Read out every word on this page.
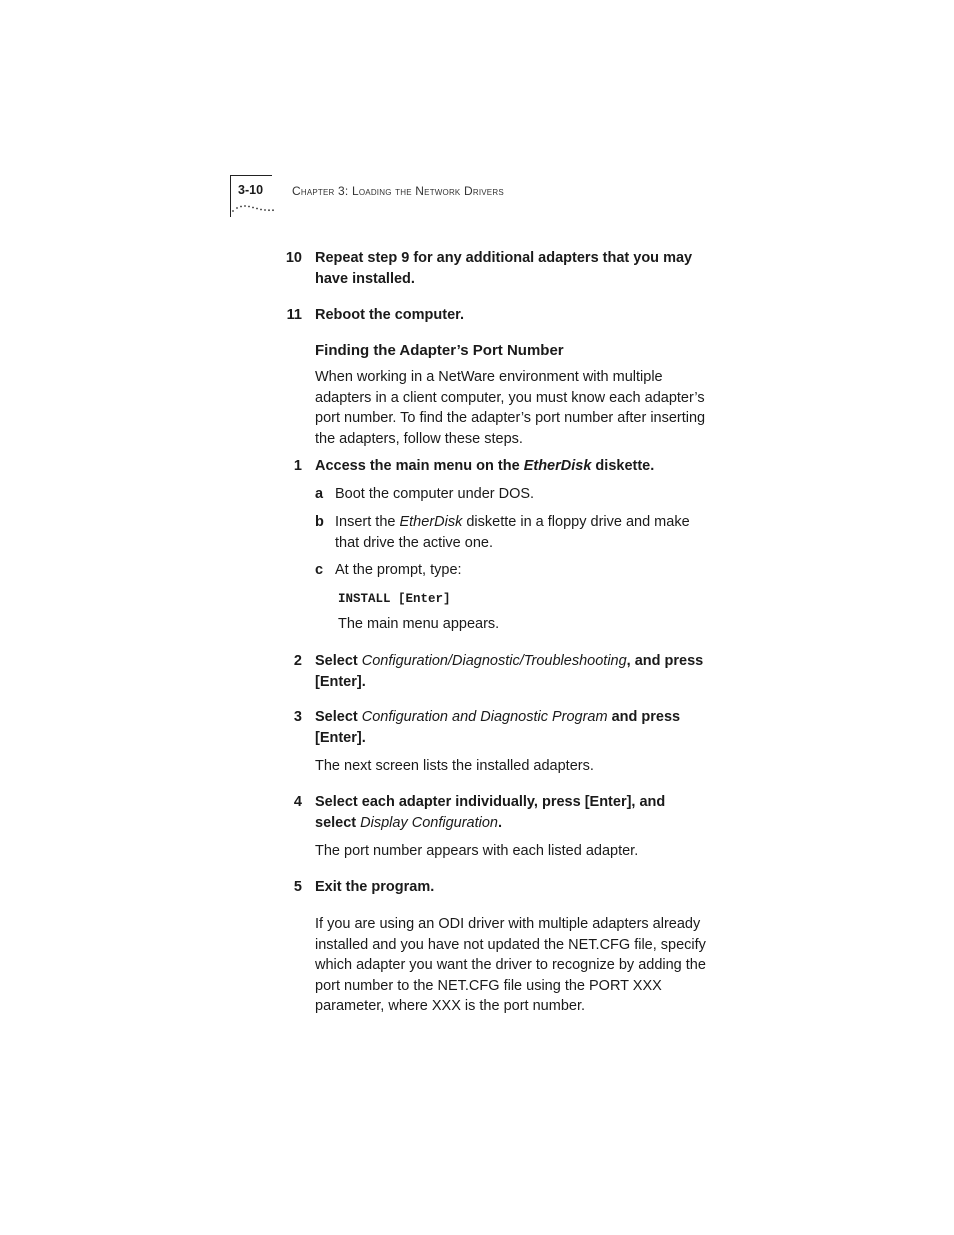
3-10 Chapter 3: Loading the Network Drivers
10 Repeat step 9 for any additional adapters that you may have installed.

11 Reboot the computer.

Finding the Adapter’s Port Number

When working in a NetWare environment with multiple adapters in a client computer, you must know each adapter’s port number. To find the adapter’s port number after inserting the adapters, follow these steps.

1 Access the main menu on the EtherDisk diskette.

a Boot the computer under DOS.

b Insert the EtherDisk diskette in a floppy drive and make that drive the active one.

c At the prompt, type:

INSTALL [Enter]

The main menu appears.

2 Select Configuration/Diagnostic/Troubleshooting, and press [Enter].

3 Select Configuration and Diagnostic Program and press [Enter].

The next screen lists the installed adapters.

4 Select each adapter individually, press [Enter], and select Display Configuration.

The port number appears with each listed adapter.

5 Exit the program.

If you are using an ODI driver with multiple adapters already installed and you have not updated the NET.CFG file, specify which adapter you want the driver to recognize by adding the port number to the NET.CFG file using the PORT XXX parameter, where XXX is the port number.
